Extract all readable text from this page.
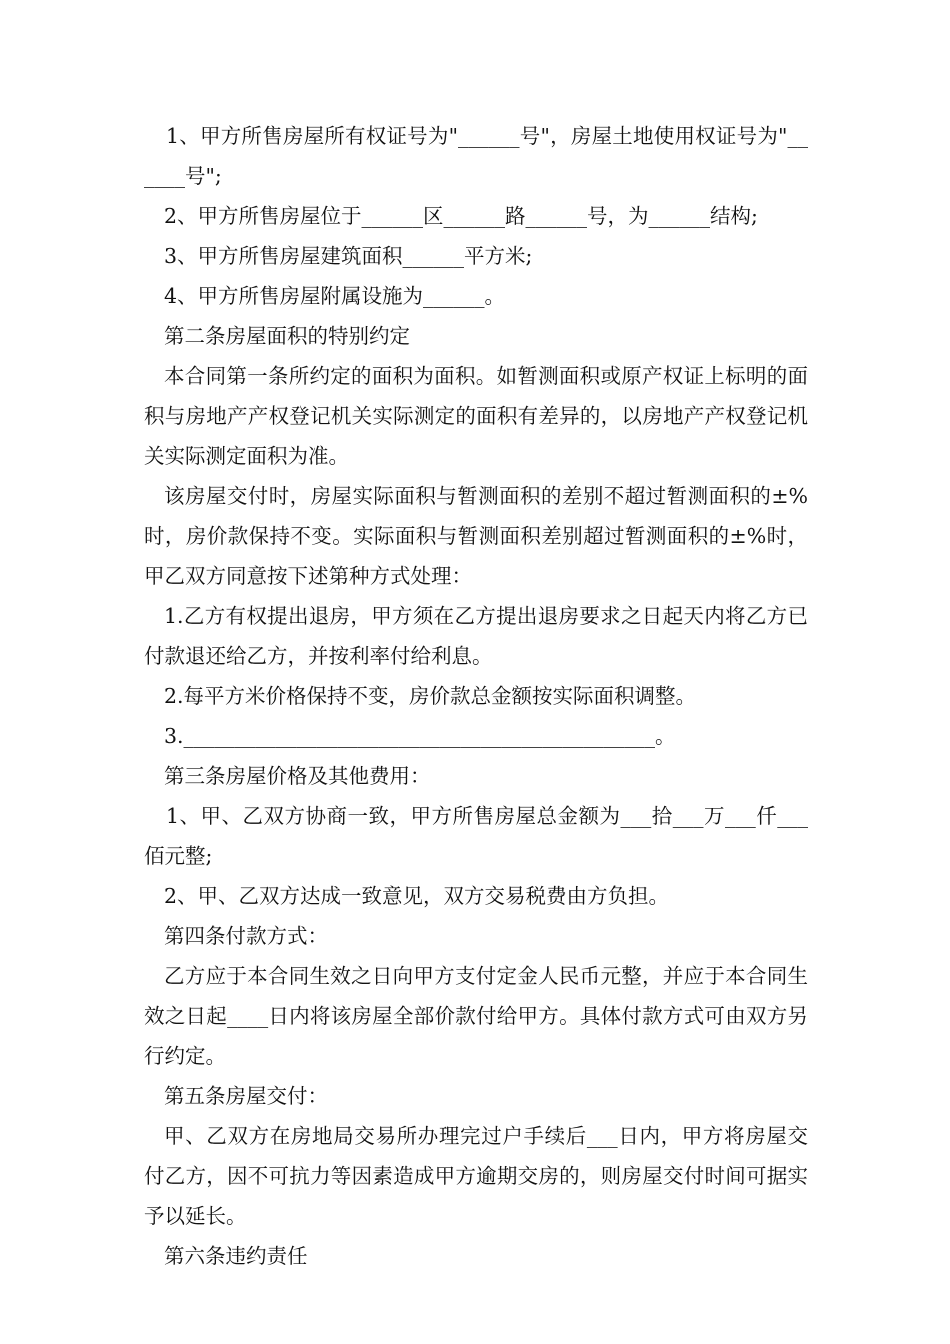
1、甲方所售房屋所有权证号为"______号"，房屋土地使用权证号为"______号";

2、甲方所售房屋位于______区______路______号，为______结构;

3、甲方所售房屋建筑面积______平方米;

4、甲方所售房屋附属设施为______。

第二条房屋面积的特别约定

本合同第一条所约定的面积为面积。如暂测面积或原产权证上标明的面积与房地产产权登记机关实际测定的面积有差异的，以房地产产权登记机关实际测定面积为准。

该房屋交付时，房屋实际面积与暂测面积的差别不超过暂测面积的±%时，房价款保持不变。实际面积与暂测面积差别超过暂测面积的±%时，甲乙双方同意按下述第种方式处理：

1.乙方有权提出退房，甲方须在乙方提出退房要求之日起天内将乙方已付款退还给乙方，并按利率付给利息。

2.每平方米价格保持不变，房价款总金额按实际面积调整。

3.______________________________________________。

第三条房屋价格及其他费用：

1、甲、乙双方协商一致，甲方所售房屋总金额为___拾___万___仟___佰元整;

2、甲、乙双方达成一致意见，双方交易税费由方负担。

第四条付款方式：

乙方应于本合同生效之日向甲方支付定金人民币元整，并应于本合同生效之日起____日内将该房屋全部价款付给甲方。具体付款方式可由双方另行约定。

第五条房屋交付：

甲、乙双方在房地局交易所办理完过户手续后___日内，甲方将房屋交付乙方，因不可抗力等因素造成甲方逾期交房的，则房屋交付时间可据实予以延长。

第六条违约责任
